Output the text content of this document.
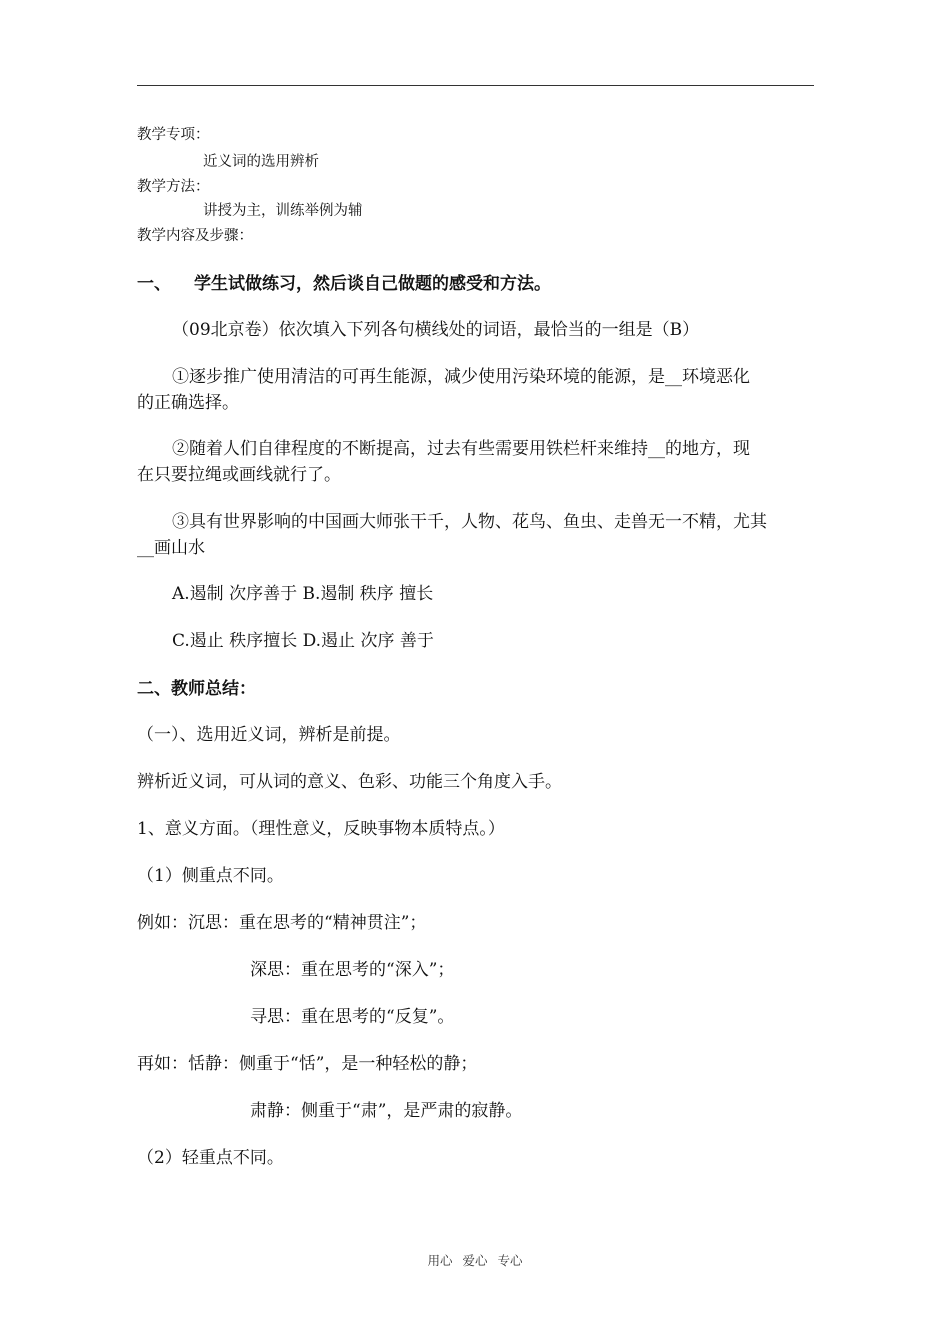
教学专项：
近义词的选用辨析
教学方法：
讲授为主，训练举例为辅
教学内容及步骤：
一、 学生试做练习，然后谈自己做题的感受和方法。
（09北京卷）依次填入下列各句横线处的词语，最恰当的一组是（B）
①逐步推广使用清洁的可再生能源，减少使用污染环境的能源，是__环境恶化
的正确选择。
②随着人们自律程度的不断提高，过去有些需要用铁栏杆来维持__的地方，现
在只要拉绳或画线就行了。
③具有世界影响的中国画大师张干千，人物、花鸟、鱼虫、走兽无一不精，尤其
__画山水
A.遏制 次序善于 B.遏制 秩序 擅长
C.遏止 秩序擅长 D.遏止 次序 善于
二、教师总结：
（一）、选用近义词，辨析是前提。
辨析近义词，可从词的意义、色彩、功能三个角度入手。
1、意义方面。（理性意义，反映事物本质特点。）
（1）侧重点不同。
例如：沉思：重在思考的“精神贯注”；
深思：重在思考的“深入”；
寻思：重在思考的“反复”。
再如：恬静：侧重于“恬”，是一种轻松的静；
肃静：侧重于“肃”，是严肃的寂静。
（2）轻重点不同。
用心 爱心 专心
